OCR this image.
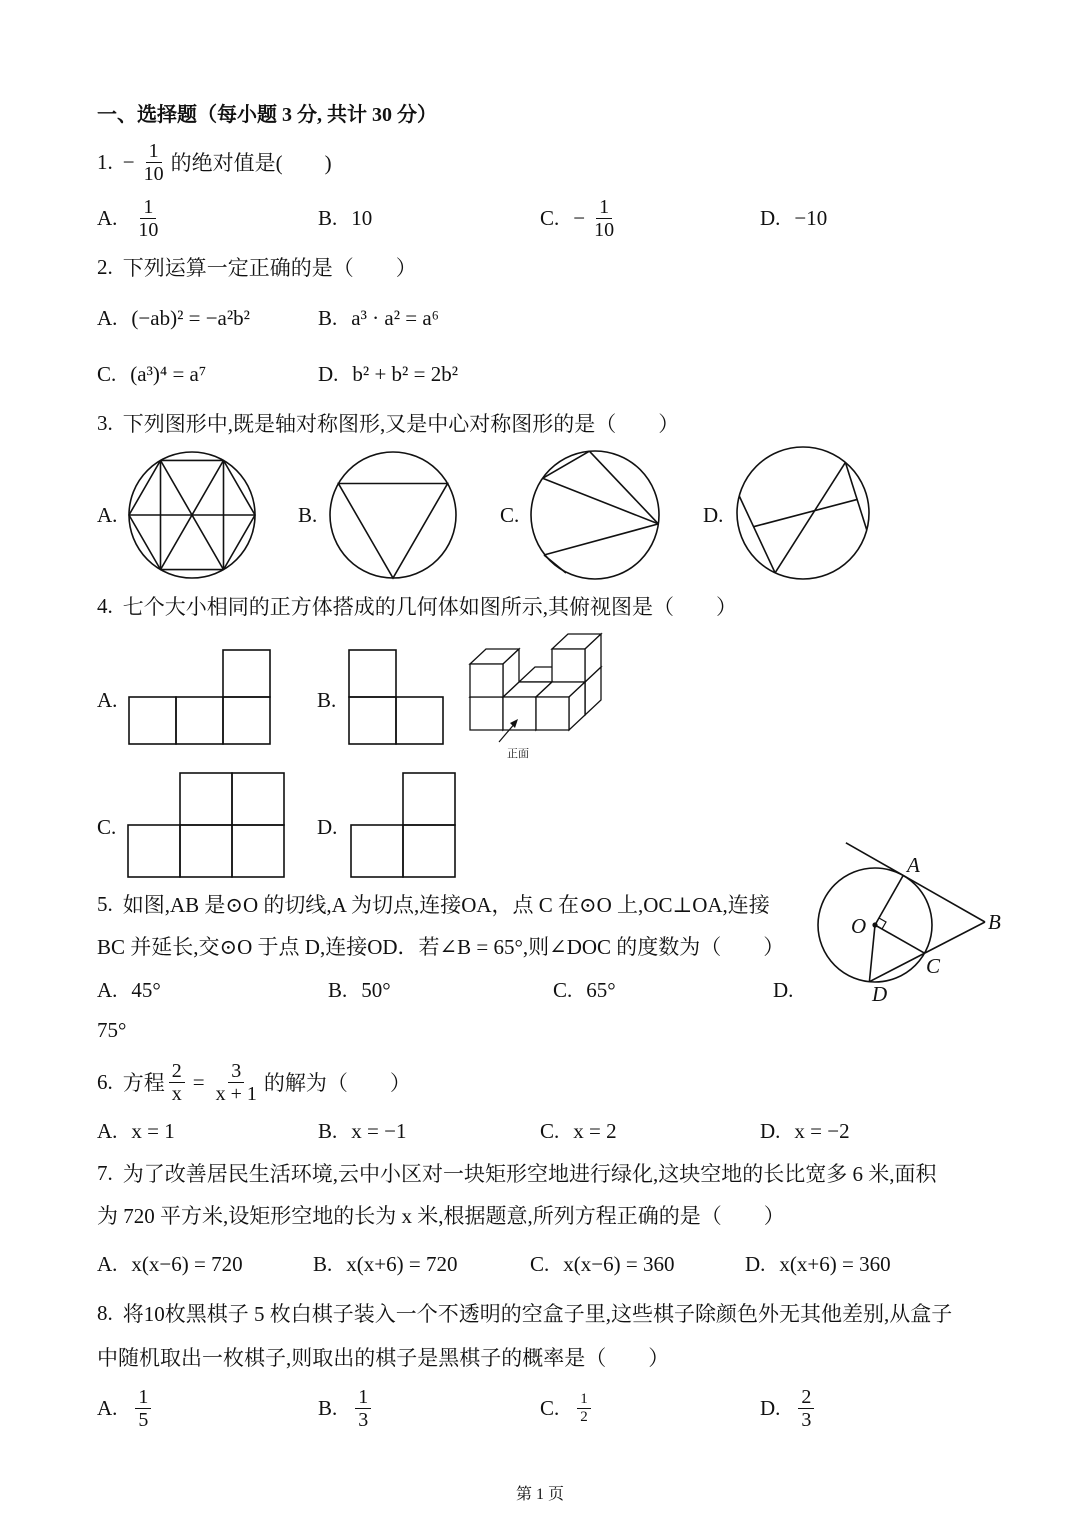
一、选择题（每小题 3 分, 共计 30 分）
1. − $\frac{1}{10}$ 的绝对值是(　　)
A. $\frac{1}{10}$	B. 10	C. − $\frac{1}{10}$	D. −10
2. 下列运算一定正确的是（　　）
A. (−ab)² = −a²b²	B. a³ · a² = a⁶
C. (a³)⁴ = a⁷	D. b² + b² = 2b²
3. 下列图形中,既是轴对称图形,又是中心对称图形的是（　　）
A.	B.	C.	D.
4. 七个大小相同的正方体搭成的几何体如图所示,其俯视图是（　　）
A.	B.
C.	D.
5. 如图,AB 是⊙O 的切线,A 为切点,连接OA，点 C 在⊙O 上,OC⊥OA,连接
BC 并延长,交⊙O 于点 D,连接OD．若∠B = 65°,则∠DOC 的度数为（　　）
A. 45°	B. 50°	C. 65°	D.
75°
6. 方程 $\frac{2}{x} = \frac{3}{x + 1}$ 的解为（　　）
A. x = 1	B. x = −1	C. x = 2	D. x = −2
7. 为了改善居民生活环境,云中小区对一块矩形空地进行绿化,这块空地的长比宽多 6 米,面积
为 720 平方米,设矩形空地的长为 x 米,根据题意,所列方程正确的是（　　）
A. x(x−6) = 720	B. x(x+6) = 720	C. x(x−6) = 360	D. x(x+6) = 360
8. 将10枚黑棋子 5 枚白棋子装入一个不透明的空盒子里,这些棋子除颜色外无其他差别,从盒子
中随机取出一枚棋子,则取出的棋子是黑棋子的概率是（　　）
A. $\frac{1}{5}$	B. $\frac{1}{3}$	C. $\frac{1}{2}$	D. $\frac{2}{3}$
第 1 页
正面
A
B
O
C
D
